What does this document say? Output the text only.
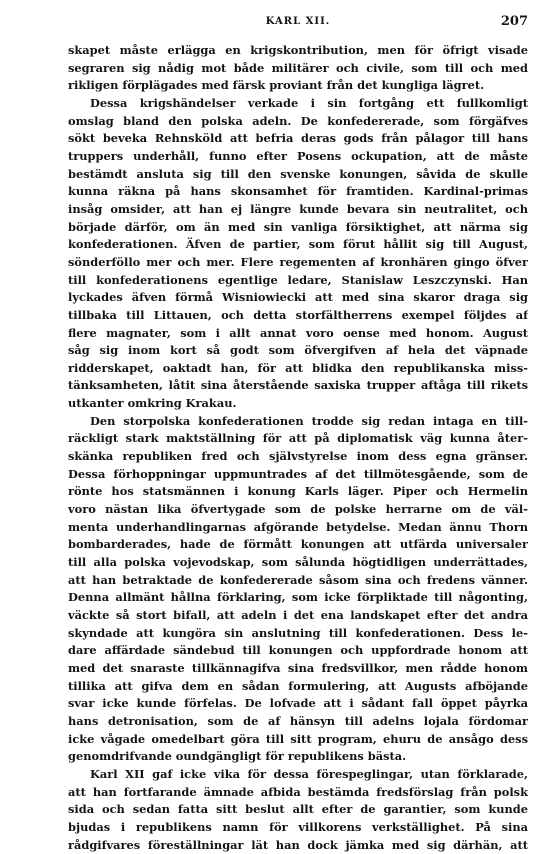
KARL XII.	207
skapet måste erlägga en krigskontribution, men för öfrigt visade
segraren sig nådig mot både militärer och civile, som till och med
rikligen förplägades med färsk proviant från det kungliga lägret.
Dessa krigshändelser verkade i sin fortgång ett fullkomligt
omslag bland den polska adeln. De konfedererade, som förgäfves
sökt beveka Rehnsköld att befria deras gods från pålagor till hans
truppers underhåll, funno efter Posens ockupation, att de måste
bestämdt ansluta sig till den svenske konungen, såvida de skulle
kunna räkna på hans skonsamhet för framtiden. Kardinal-primas
insåg omsider, att han ej längre kunde bevara sin neutralitet, och
började därför, om än med sin vanliga försiktighet, att närma sig
konfederationen. Äfven de partier, som förut hållit sig till August,
sönderföllo mer och mer. Flere regementen af kronhären gingo öfver
till konfederationens egentlige ledare, Stanislaw Leszczynski. Han
lyckades äfven förmå Wisniowiecki att med sina skaror draga sig
tillbaka till Littauen, och detta storfältherrens exempel följdes af
flere magnater, som i allt annat voro oense med honom. August
såg sig inom kort så godt som öfvergifven af hela det väpnade
ridderskapet, oaktadt han, för att blidka den republikanska miss-
tänksamheten, låtit sina återstående saxiska trupper aftåga till rikets
utkanter omkring Krakau.
Den storpolska konfederationen trodde sig redan intaga en till-
räckligt stark maktställning för att på diplomatisk väg kunna åter-
skänka republiken fred och självstyrelse inom dess egna gränser.
Dessa förhoppningar uppmuntrades af det tillmötesgående, som de
rönte hos statsmännen i konung Karls läger. Piper och Hermelin
voro nästan lika öfvertygade som de polske herrarne om de väl-
menta underhandlingarnas afgörande betydelse. Medan ännu Thorn
bombarderades, hade de förmått konungen att utfärda universaler
till alla polska vojevodskap, som sålunda högtidligen underrättades,
att han betraktade de konfedererade såsom sina och fredens vänner.
Denna allmänt hållna förklaring, som icke förpliktade till någonting,
väckte så stort bifall, att adeln i det ena landskapet efter det andra
skyndade att kungöra sin anslutning till konfederationen. Dess le-
dare affärdade sändebud till konungen och uppfordrade honom att
med det snaraste tillkännagifva sina fredsvillkor, men rådde honom
tillika att gifva dem en sådan formulering, att Augusts afböjande
svar icke kunde förfelas. De lofvade att i sådant fall öppet påyrka
hans detronisation, som de af hänsyn till adelns lojala fördomar
icke vågade omedelbart göra till sitt program, ehuru de ansågo dess
genomdrifvande oundgängligt för republikens bästa.
Karl XII gaf icke vika för dessa förespeglingar, utan förklarade,
att han fortfarande ämnade afbida bestämda fredsförslag från polsk
sida och sedan fatta sitt beslut allt efter de garantier, som kunde
bjudas i republikens namn för villkorens verkställighet. På sina
rådgifvares föreställningar lät han dock jämka med sig därhän, att
